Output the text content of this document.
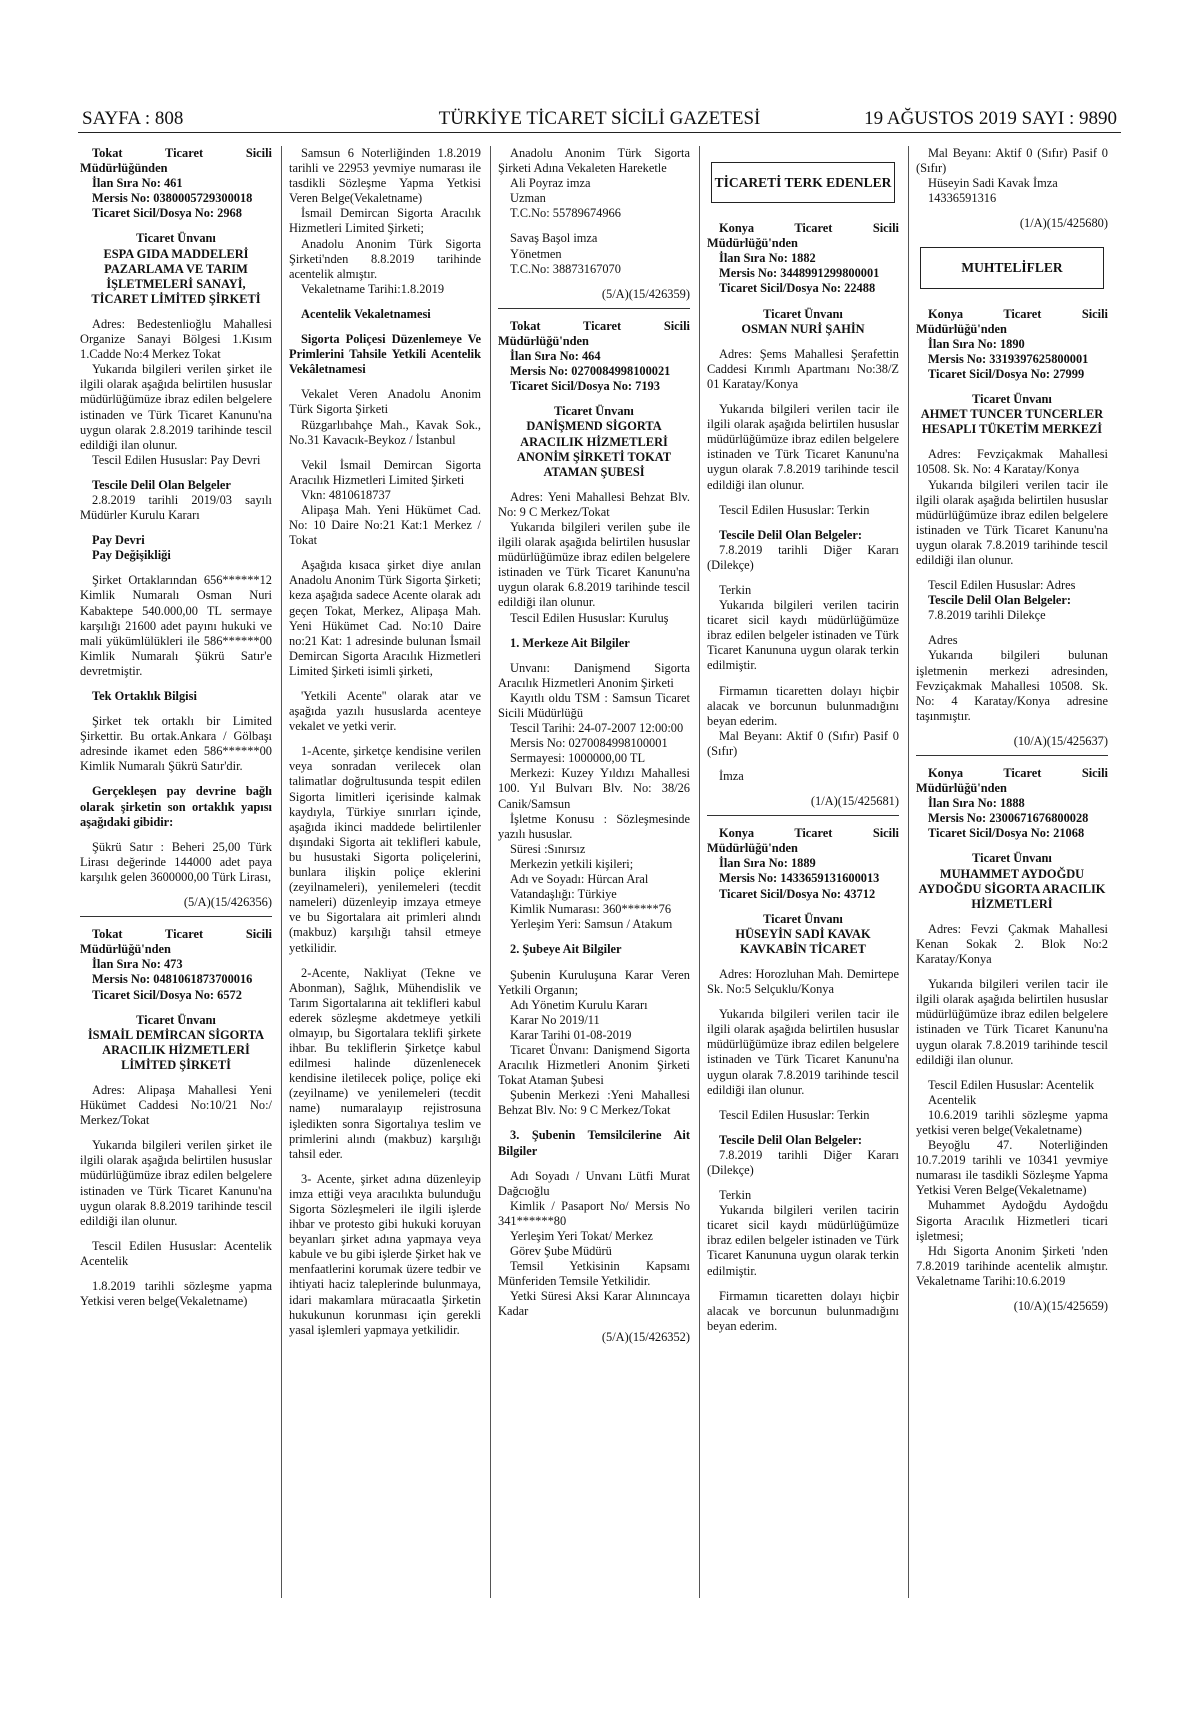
SAYFA : 808	TÜRKİYE TİCARET SİCİLİ GAZETESİ	19 AĞUSTOS 2019 SAYI : 9890

Tokat Ticaret Sicili Müdürlüğünden

İlan Sıra No: 461

Mersis No: 0380005729300018

Ticaret Sicil/Dosya No: 2968

Ticaret Ünvanı

ESPA GIDA MADDELERİ PAZARLAMA VE TARIM İŞLETMELERİ SANAYİ, TİCARET LİMİTED ŞİRKETİ

Adres: Bedestenlioğlu Mahallesi Organize Sanayi Bölgesi 1.Kısım 1.Cadde No:4 Merkez Tokat

Yukarıda bilgileri verilen şirket ile ilgili olarak aşağıda belirtilen hususlar müdürlüğümüze ibraz edilen belgelere istinaden ve Türk Ticaret Kanunu'na uygun olarak 2.8.2019 tarihinde tescil edildiği ilan olunur.

Tescil Edilen Hususlar: Pay Devri

Tescile Delil Olan Belgeler

2.8.2019 tarihli 2019/03 sayılı Müdürler Kurulu Kararı

Pay Devri

Pay Değişikliği

Şirket Ortaklarından 656******12 Kimlik Numaralı Osman Nuri Kabaktepe 540.000,00 TL sermaye karşılığı 21600 adet payını hukuki ve mali yükümlülükleri ile 586******00 Kimlik Numaralı Şükrü Satır'e devretmiştir.

Tek Ortaklık Bilgisi

Şirket tek ortaklı bir Limited Şirkettir. Bu ortak.Ankara / Gölbaşı adresinde ikamet eden 586******00 Kimlik Numaralı Şükrü Satır'dir.

Gerçekleşen pay devrine bağlı olarak şirketin son ortaklık yapısı aşağıdaki gibidir:

Şükrü Satır : Beheri 25,00 Türk Lirası değerinde 144000 adet paya karşılık gelen 3600000,00 Türk Lirası,

(5/A)(15/426356)

Tokat Ticaret Sicili Müdürlüğü'nden

İlan Sıra No: 473

Mersis No: 0481061873700016

Ticaret Sicil/Dosya No: 6572

Ticaret Ünvanı

İSMAİL DEMİRCAN SİGORTA ARACILIK HİZMETLERİ LİMİTED ŞİRKETİ

Adres: Alipaşa Mahallesi Yeni Hükümet Caddesi No:10/21 No:/ Merkez/Tokat

Yukarıda bilgileri verilen şirket ile ilgili olarak aşağıda belirtilen hususlar müdürlüğümüze ibraz edilen belgelere istinaden ve Türk Ticaret Kanunu'na uygun olarak 8.8.2019 tarihinde tescil edildiği ilan olunur.

Tescil Edilen Hususlar: Acentelik Acentelik

1.8.2019 tarihli sözleşme yapma Yetkisi veren belge(Vekaletname)

Samsun 6 Noterliğinden 1.8.2019 tarihli ve 22953 yevmiye numarası ile tasdikli Sözleşme Yapma Yetkisi Veren Belge(Vekaletname)

İsmail Demircan Sigorta Aracılık Hizmetleri Limited Şirketi;

Anadolu Anonim Türk Sigorta Şirketi'nden 8.8.2019 tarihinde acentelik almıştır.

Vekaletname Tarihi:1.8.2019

Acentelik Vekaletnamesi

Sigorta Poliçesi Düzenlemeye Ve Primlerini Tahsile Yetkili Acentelik Vekâletnamesi

Vekalet Veren Anadolu Anonim Türk Sigorta Şirketi

Rüzgarlıbahçe Mah., Kavak Sok., No.31 Kavacık-Beykoz / İstanbul

Vekil İsmail Demircan Sigorta Aracılık Hizmetleri Limited Şirketi

Vkn: 4810618737

Alipaşa Mah. Yeni Hükümet Cad. No: 10 Daire No:21 Kat:1 Merkez / Tokat

Aşağıda kısaca şirket diye anılan Anadolu Anonim Türk Sigorta Şirketi; keza aşağıda sadece Acente olarak adı geçen Tokat, Merkez, Alipaşa Mah. Yeni Hükümet Cad. No:10 Daire no:21 Kat: 1 adresinde bulunan İsmail Demircan Sigorta Aracılık Hizmetleri Limited Şirketi isimli şirketi,

'Yetkili Acente'' olarak atar ve aşağıda yazılı hususlarda acenteye vekalet ve yetki verir.

1-Acente, şirketçe kendisine verilen veya sonradan verilecek olan talimatlar doğrultusunda tespit edilen Sigorta limitleri içerisinde kalmak kaydıyla, Türkiye sınırları içinde, aşağıda ikinci maddede belirtilenler dışındaki Sigorta ait teklifleri kabule, bu husustaki Sigorta poliçelerini, bunlara ilişkin poliçe eklerini (zeyilnameleri), yenilemeleri (tecdit nameleri) düzenleyip imzaya etmeye ve bu Sigortalara ait primleri alındı (makbuz) karşılığı tahsil etmeye yetkilidir.

2-Acente, Nakliyat (Tekne ve Abonman), Sağlık, Mühendislik ve Tarım Sigortalarına ait teklifleri kabul ederek sözleşme akdetmeye yetkili olmayıp, bu Sigortalara teklifi şirkete ihbar. Bu tekliflerin Şirketçe kabul edilmesi halinde düzenlenecek kendisine iletilecek poliçe, poliçe eki (zeyilname) ve yenilemeleri (tecdit name) numaralayıp rejistrosuna işledikten sonra Sigortalıya teslim ve primlerini alındı (makbuz) karşılığı tahsil eder.

3- Acente, şirket adına düzenleyip imza ettiği veya aracılıkta bulunduğu Sigorta Sözleşmeleri ile ilgili işlerde ihbar ve protesto gibi hukuki koruyan beyanları şirket adına yapmaya veya kabule ve bu gibi işlerde Şirket hak ve menfaatlerini korumak üzere tedbir ve ihtiyati haciz taleplerinde bulunmaya, idari makamlara müracaatla Şirketin hukukunun korunması için gerekli yasal işlemleri yapmaya yetkilidir.

Anadolu Anonim Türk Sigorta Şirketi Adına Vekaleten Hareketle

Ali Poyraz imza

Uzman

T.C.No: 55789674966

Savaş Başol imza

Yönetmen

T.C.No: 38873167070

(5/A)(15/426359)

Tokat Ticaret Sicili Müdürlüğü'nden

İlan Sıra No: 464

Mersis No: 0270084998100021

Ticaret Sicil/Dosya No: 7193

Ticaret Ünvanı

DANİŞMEND SİGORTA ARACILIK HİZMETLERİ ANONİM ŞİRKETİ TOKAT ATAMAN ŞUBESİ

Adres: Yeni Mahallesi Behzat Blv. No: 9 C Merkez/Tokat

Yukarıda bilgileri verilen şube ile ilgili olarak aşağıda belirtilen hususlar müdürlüğümüze ibraz edilen belgelere istinaden ve Türk Ticaret Kanunu'na uygun olarak 6.8.2019 tarihinde tescil edildiği ilan olunur.

Tescil Edilen Hususlar: Kuruluş

1. Merkeze Ait Bilgiler

Unvanı: Danişmend Sigorta Aracılık Hizmetleri Anonim Şirketi

Kayıtlı oldu TSM : Samsun Ticaret Sicili Müdürlüğü

Tescil Tarihi: 24-07-2007 12:00:00

Mersis No: 0270084998100001

Sermayesi: 1000000,00 TL

Merkezi: Kuzey Yıldızı Mahallesi 100. Yıl Bulvarı Blv. No: 38/26 Canik/Samsun

İşletme Konusu : Sözleşmesinde yazılı hususlar.

Süresi :Sınırsız

Merkezin yetkili kişileri;

Adı ve Soyadı: Hürcan Aral

Vatandaşlığı: Türkiye

Kimlik Numarası: 360******76

Yerleşim Yeri: Samsun / Atakum

2. Şubeye Ait Bilgiler

Şubenin Kuruluşuna Karar Veren Yetkili Organın;

Adı Yönetim Kurulu Kararı

Karar No 2019/11

Karar Tarihi 01-08-2019

Ticaret Ünvanı: Danişmend Sigorta Aracılık Hizmetleri Anonim Şirketi Tokat Ataman Şubesi

Şubenin Merkezi :Yeni Mahallesi Behzat Blv. No: 9 C Merkez/Tokat

3. Şubenin Temsilcilerine Ait Bilgiler

Adı Soyadı / Unvanı Lütfi Murat Dağcıoğlu

Kimlik / Pasaport No/ Mersis No 341******80

Yerleşim Yeri Tokat/ Merkez

Görev Şube Müdürü

Temsil Yetkisinin Kapsamı Münferiden Temsile Yetkilidir.

Yetki Süresi Aksi Karar Alınıncaya Kadar

(5/A)(15/426352)

TİCARETİ TERK EDENLER

Konya Ticaret Sicili Müdürlüğü'nden

İlan Sıra No: 1882

Mersis No: 3448991299800001

Ticaret Sicil/Dosya No: 22488

Ticaret Ünvanı

OSMAN NURİ ŞAHİN

Adres: Şems Mahallesi Şerafettin Caddesi Kırımlı Apartmanı No:38/Z 01 Karatay/Konya

Yukarıda bilgileri verilen tacir ile ilgili olarak aşağıda belirtilen hususlar müdürlüğümüze ibraz edilen belgelere istinaden ve Türk Ticaret Kanunu'na uygun olarak 7.8.2019 tarihinde tescil edildiği ilan olunur.

Tescil Edilen Hususlar: Terkin

Tescile Delil Olan Belgeler:

7.8.2019 tarihli Diğer Kararı (Dilekçe)

Terkin

Yukarıda bilgileri verilen tacirin ticaret sicil kaydı müdürlüğümüze ibraz edilen belgeler istinaden ve Türk Ticaret Kanununa uygun olarak terkin edilmiştir.

Firmamın ticaretten dolayı hiçbir alacak ve borcunun bulunmadığını beyan ederim.

Mal Beyanı: Aktif 0 (Sıfır) Pasif 0 (Sıfır)

İmza

(1/A)(15/425681)

Konya Ticaret Sicili Müdürlüğü'nden

İlan Sıra No: 1889

Mersis No: 1433659131600013

Ticaret Sicil/Dosya No: 43712

Ticaret Ünvanı

HÜSEYİN SADİ KAVAK KAVKABİN TİCARET

Adres: Horozluhan Mah. Demirtepe Sk. No:5 Selçuklu/Konya

Yukarıda bilgileri verilen tacir ile ilgili olarak aşağıda belirtilen hususlar müdürlüğümüze ibraz edilen belgelere istinaden ve Türk Ticaret Kanunu'na uygun olarak 7.8.2019 tarihinde tescil edildiği ilan olunur.

Tescil Edilen Hususlar: Terkin

Tescile Delil Olan Belgeler:

7.8.2019 tarihli Diğer Kararı (Dilekçe)

Terkin

Yukarıda bilgileri verilen tacirin ticaret sicil kaydı müdürlüğümüze ibraz edilen belgeler istinaden ve Türk Ticaret Kanununa uygun olarak terkin edilmiştir.

Firmamın ticaretten dolayı hiçbir alacak ve borcunun bulunmadığını beyan ederim.

Mal Beyanı: Aktif 0 (Sıfır) Pasif 0 (Sıfır)

Hüseyin Sadi Kavak İmza

14336591316

(1/A)(15/425680)

MUHTELİFLER

Konya Ticaret Sicili Müdürlüğü'nden

İlan Sıra No: 1890

Mersis No: 3319397625800001

Ticaret Sicil/Dosya No: 27999

Ticaret Ünvanı

AHMET TUNCER TUNCERLER HESAPLI TÜKETİM MERKEZİ

Adres: Fevziçakmak Mahallesi 10508. Sk. No: 4 Karatay/Konya

Yukarıda bilgileri verilen tacir ile ilgili olarak aşağıda belirtilen hususlar müdürlüğümüze ibraz edilen belgelere istinaden ve Türk Ticaret Kanunu'na uygun olarak 7.8.2019 tarihinde tescil edildiği ilan olunur.

Tescil Edilen Hususlar: Adres

Tescile Delil Olan Belgeler:

7.8.2019 tarihli Dilekçe

Adres

Yukarıda bilgileri bulunan işletmenin merkezi adresinden, Fevziçakmak Mahallesi 10508. Sk. No: 4 Karatay/Konya adresine taşınmıştır.

(10/A)(15/425637)

Konya Ticaret Sicili Müdürlüğü'nden

İlan Sıra No: 1888

Mersis No: 2300671676800028

Ticaret Sicil/Dosya No: 21068

Ticaret Ünvanı

MUHAMMET AYDOĞDU AYDOĞDU SİGORTA ARACILIK HİZMETLERİ

Adres: Fevzi Çakmak Mahallesi Kenan Sokak 2. Blok No:2 Karatay/Konya

Yukarıda bilgileri verilen tacir ile ilgili olarak aşağıda belirtilen hususlar müdürlüğümüze ibraz edilen belgelere istinaden ve Türk Ticaret Kanunu'na uygun olarak 7.8.2019 tarihinde tescil edildiği ilan olunur.

Tescil Edilen Hususlar: Acentelik

Acentelik

10.6.2019 tarihli sözleşme yapma yetkisi veren belge(Vekaletname)

Beyoğlu 47. Noterliğinden 10.7.2019 tarihli ve 10341 yevmiye numarası ile tasdikli Sözleşme Yapma Yetkisi Veren Belge(Vekaletname)

Muhammet Aydoğdu Aydoğdu Sigorta Aracılık Hizmetleri ticari işletmesi;

Hdı Sigorta Anonim Şirketi 'nden 7.8.2019 tarihinde acentelik almıştır. Vekaletname Tarihi:10.6.2019

(10/A)(15/425659)
